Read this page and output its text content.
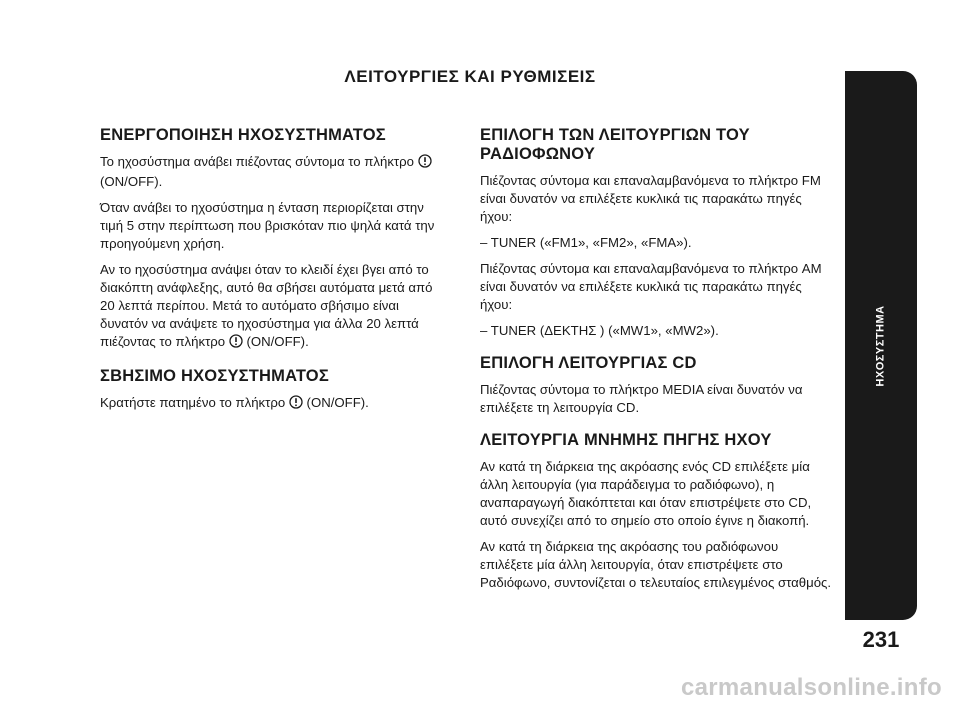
ΛΕΙΤΟΥΡΓΙΕΣ ΚΑΙ ΡΥΘΜΙΣΕΙΣ
ΕΝΕΡΓΟΠΟΙΗΣΗ ΗΧΟΣΥΣΤΗΜΑΤΟΣ

Το ηχοσύστημα ανάβει πιέζοντας σύντομα το πλήκτρο
(ON/OFF).

Όταν ανάβει το ηχοσύστημα η ένταση περιορίζεται στην τιμή 5 στην περίπτωση που βρισκόταν πιο ψηλά κατά την προηγούμενη χρήση.

Αν το ηχοσύστημα ανάψει όταν το κλειδί έχει βγει από το διακόπτη ανάφλεξης, αυτό θα σβήσει αυτόματα μετά από 20 λεπτά περίπου. Μετά το αυτόματο σβήσιμο είναι δυνατόν να ανάψετε το ηχοσύστημα για άλλα 20 λεπτά πιέζοντας το πλήκτρο (ON/OFF).

ΣΒΗΣΙΜΟ ΗΧΟΣΥΣΤΗΜΑΤΟΣ

Κρατήστε πατημένο το πλήκτρο (ON/OFF).

ΕΠΙΛΟΓΗ ΤΩΝ ΛΕΙΤΟΥΡΓΙΩΝ ΤΟΥ ΡΑΔΙΟΦΩΝΟΥ

Πιέζοντας σύντομα και επαναλαμβανόμενα το πλήκτρο FM είναι δυνατόν να επιλέξετε κυκλικά τις παρακάτω πηγές ήχου:

– TUNER («FM1», «FM2», «FMA»).

Πιέζοντας σύντομα και επαναλαμβανόμενα το πλήκτρο AM είναι δυνατόν να επιλέξετε κυκλικά τις παρακάτω πηγές ήχου:

– TUNER (ΔΕΚΤΗΣ ) («MW1», «MW2»).

ΕΠΙΛΟΓΗ ΛΕΙΤΟΥΡΓΙΑΣ CD

Πιέζοντας σύντομα το πλήκτρο MEDIA είναι δυνατόν να επιλέξετε τη λειτουργία CD.

ΛΕΙΤΟΥΡΓΙΑ ΜΝΗΜΗΣ ΠΗΓΗΣ ΗΧΟΥ

Αν κατά τη διάρκεια της ακρόασης ενός CD επιλέξετε μία άλλη λειτουργία (για παράδειγμα το ραδιόφωνο), η αναπαραγωγή διακόπτεται και όταν επιστρέψετε στο CD, αυτό συνεχίζει από το σημείο στο οποίο έγινε η διακοπή.

Αν κατά τη διάρκεια της ακρόασης του ραδιόφωνου επιλέξετε μία άλλη λειτουργία, όταν επιστρέψετε στο Ραδιόφωνο, συντονίζεται ο τελευταίος επιλεγμένος σταθμός.

ΗΧΟΣΥΣΤΗΜΑ
231
carmanualsonline.info
